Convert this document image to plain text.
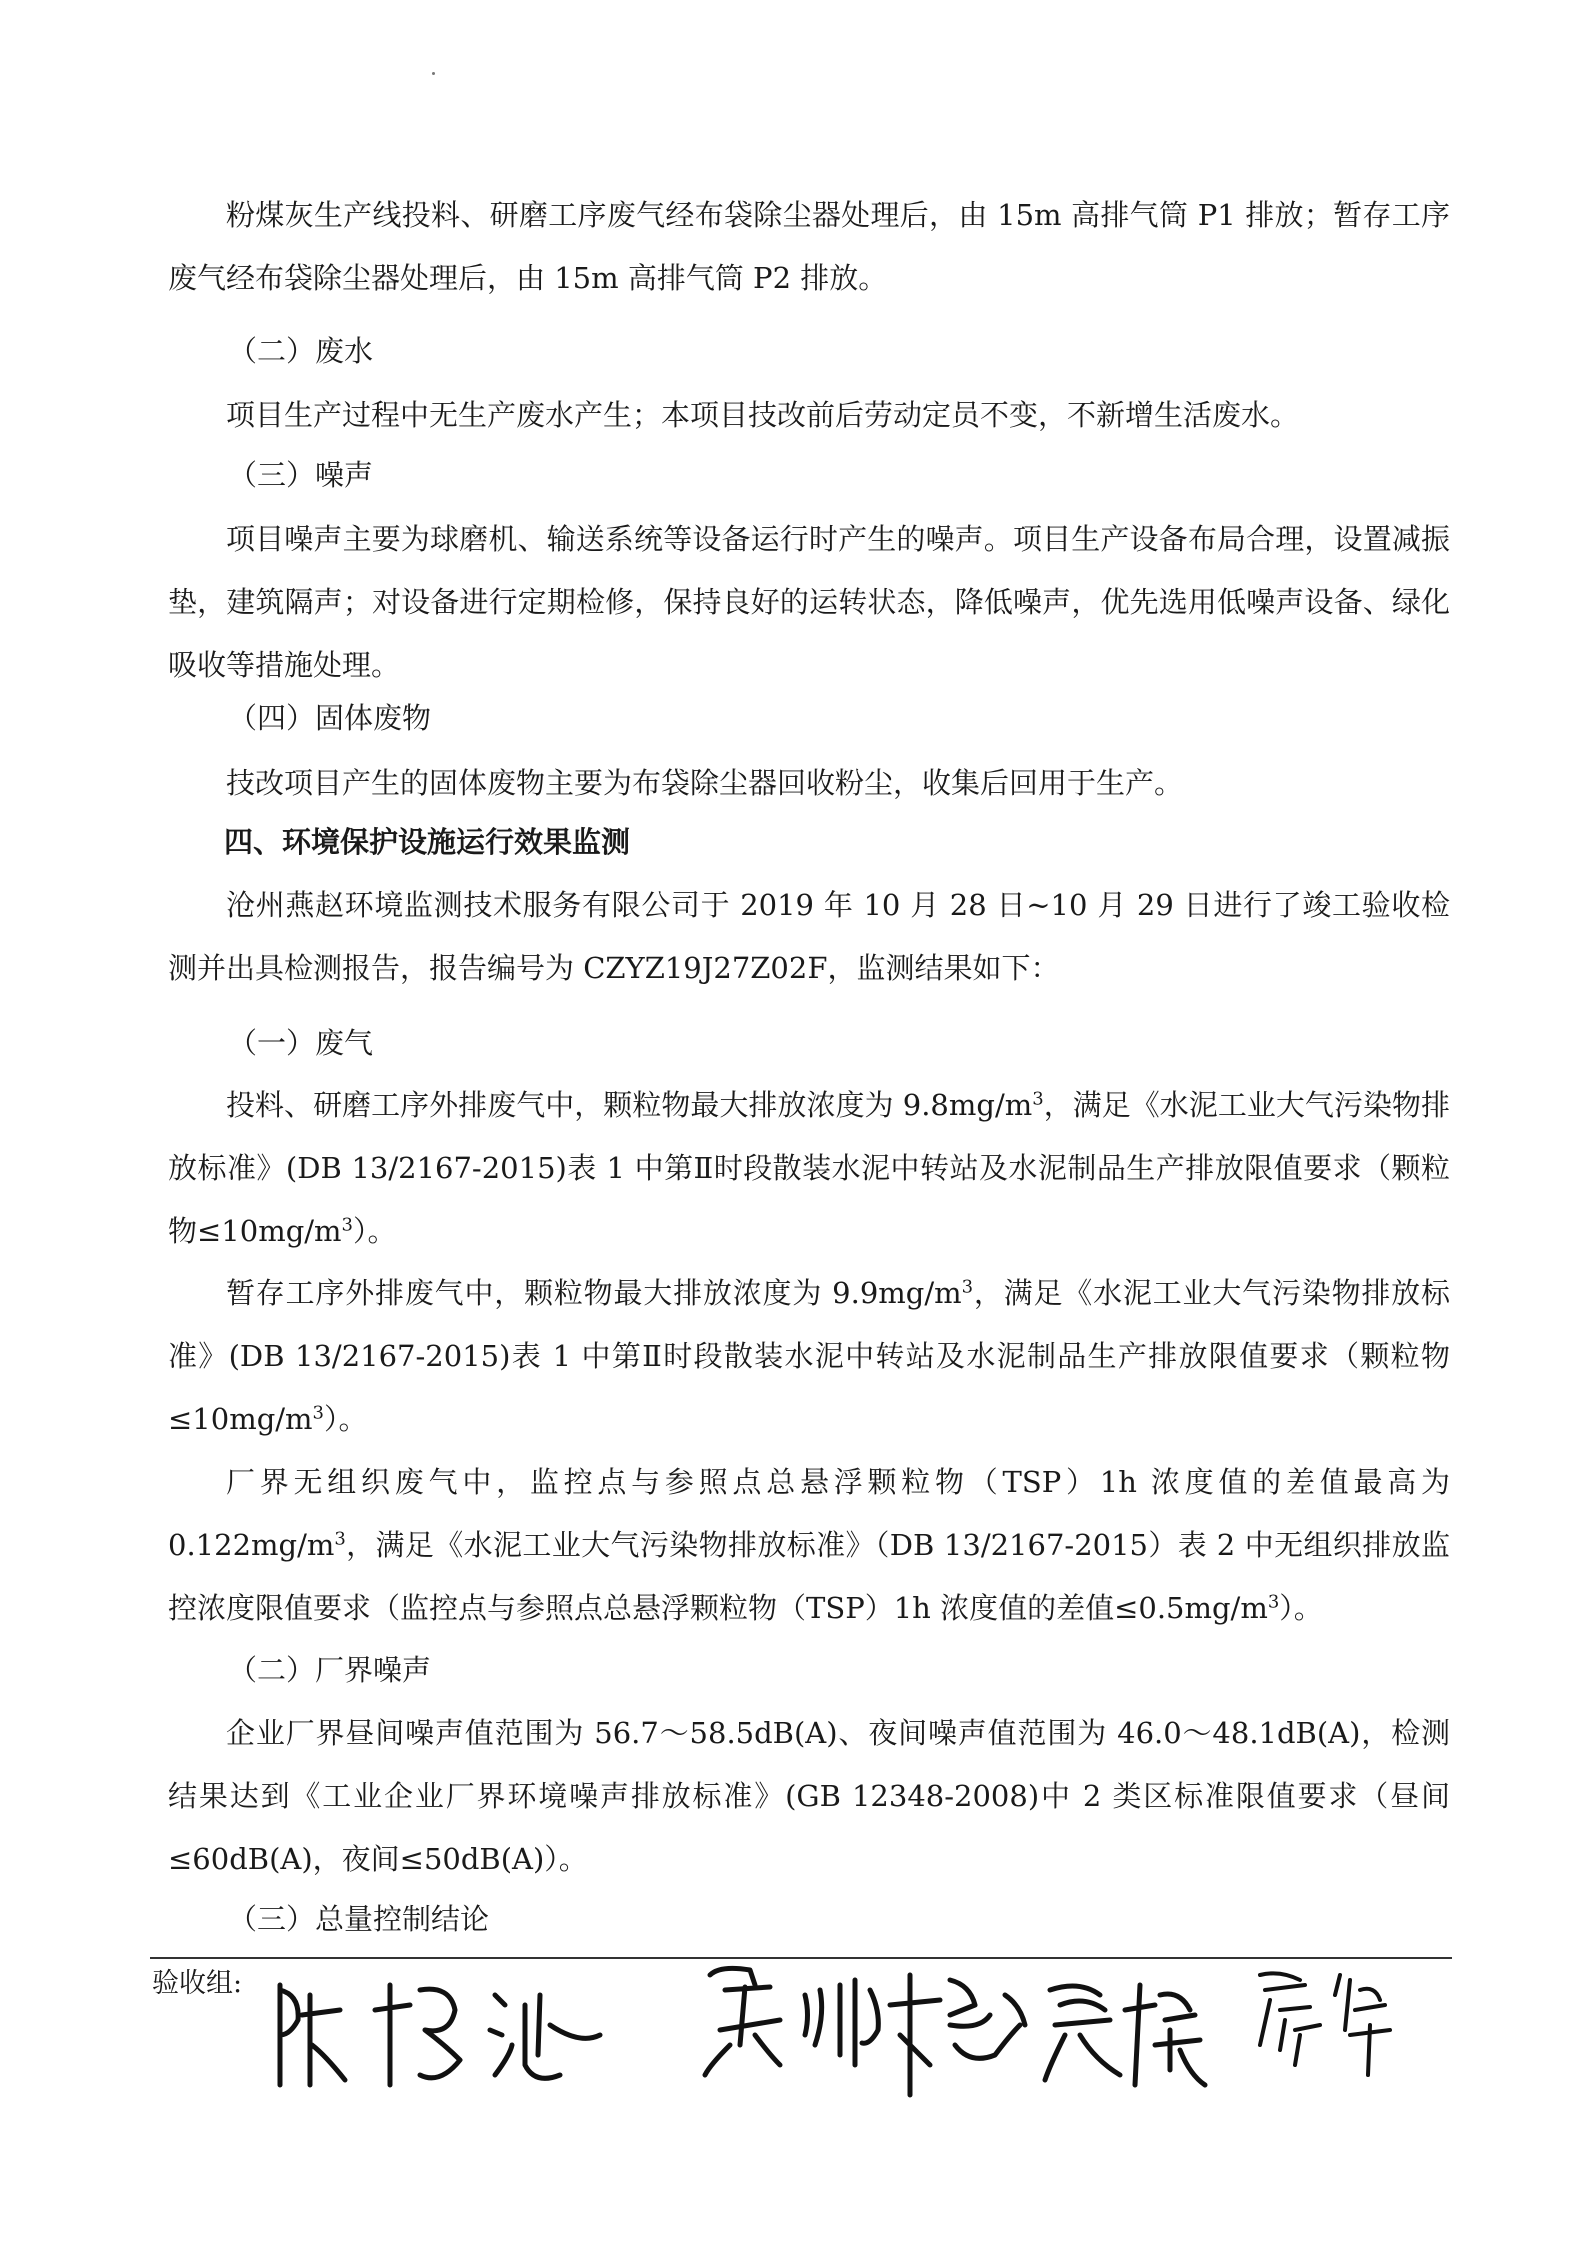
粉煤灰生产线投料、研磨工序废气经布袋除尘器处理后，由 15m 高排气筒 P1 排放；暂存工序废气经布袋除尘器处理后，由 15m 高排气筒 P2 排放。
（二）废水
项目生产过程中无生产废水产生；本项目技改前后劳动定员不变，不新增生活废水。
（三）噪声
项目噪声主要为球磨机、输送系统等设备运行时产生的噪声。项目生产设备布局合理，设置减振垫，建筑隔声；对设备进行定期检修，保持良好的运转状态，降低噪声，优先选用低噪声设备、绿化吸收等措施处理。
（四）固体废物
技改项目产生的固体废物主要为布袋除尘器回收粉尘，收集后回用于生产。
四、环境保护设施运行效果监测
沧州燕赵环境监测技术服务有限公司于 2019 年 10 月 28 日~10 月 29 日进行了竣工验收检测并出具检测报告，报告编号为 CZYZ19J27Z02F，监测结果如下：
（一）废气
投料、研磨工序外排废气中，颗粒物最大排放浓度为 $9.8mg/m^3$，满足《水泥工业大气污染物排放标准》(DB 13/2167-2015)表 1 中第Ⅱ时段散装水泥中转站及水泥制品生产排放限值要求（颗粒物$\le 10mg/m^3$）。
暂存工序外排废气中，颗粒物最大排放浓度为 $9.9mg/m^3$，满足《水泥工业大气污染物排放标准》(DB 13/2167-2015)表 1 中第Ⅱ时段散装水泥中转站及水泥制品生产排放限值要求（颗粒物$\le 10mg/m^3$）。
厂界无组织废气中，监控点与参照点总悬浮颗粒物（TSP）1h 浓度值的差值最高为 $0.122mg/m^3$，满足《水泥工业大气污染物排放标准》（DB 13/2167-2015）表 2 中无组织排放监控浓度限值要求（监控点与参照点总悬浮颗粒物（TSP）1h 浓度值的差值$\le 0.5mg/m^3$）。
（二）厂界噪声
企业厂界昼间噪声值范围为 56.7～58.5dB(A)、夜间噪声值范围为 46.0～48.1dB(A)，检测结果达到《工业企业厂界环境噪声排放标准》(GB 12348-2008)中 2 类区标准限值要求（昼间≤60dB(A)，夜间≤50dB(A)）。
（三）总量控制结论
验收组:
